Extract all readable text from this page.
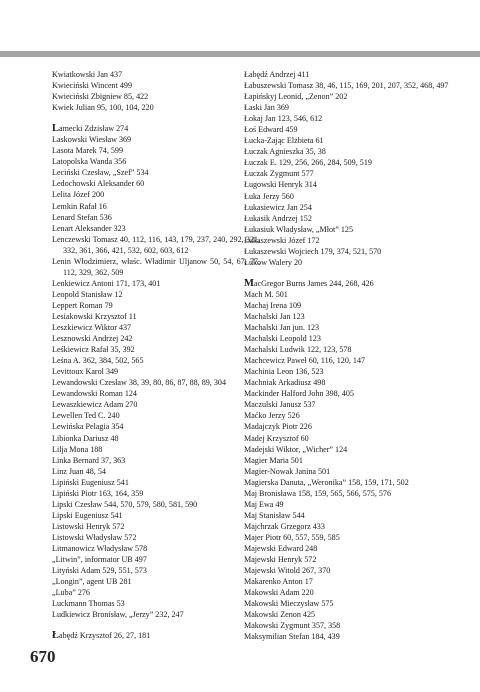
Kwiatkowski Jan 437
Kwieciński Wincent 499
Kwieciński Zbigniew 85, 422
Kwiek Julian 95, 100, 104, 220
Lamecki Zdzisław 274
Laskowski Wiesław 369
Lasota Marek 74, 599
Latopolska Wanda 356
Leciński Czesław, „Szef” 534
Ledochowski Aleksander 60
Lelita Józef 200
Lemkin Rafał 16
Lenard Stefan 536
Lenart Aleksander 323
Lenczewski Tomasz 40, 112, 116, 143, 179, 237, 240, 292, 321, 332, 361, 366, 421, 532, 602, 603, 612
Lenin Włodzimierz, właśc. Władimir Uljanow 50, 54, 67, 77, 112, 329, 362, 509
Lenkiewicz Antoni 171, 173, 401
Leopold Stanisław 12
Leppert Roman 79
Lesiakowski Krzysztof 11
Leszkiewicz Wiktor 437
Lesznowski Andrzej 242
Leśkiewicz Rafał 35, 392
Leśna A. 362, 384, 502, 565
Levittoux Karol 349
Lewandowski Czesław 38, 39, 80, 86, 87, 88, 89, 304
Lewandowski Roman 124
Lewaszkiewicz Adam 270
Lewellen Ted C. 240
Lewińska Pelagia 354
Libionka Dariusz 48
Lilja Mona 188
Linka Bernard 37, 363
Linz Juan 48, 54
Lipiński Eugeniusz 541
Lipiński Piotr 163, 164, 359
Lipski Czesław 544, 570, 579, 580, 581, 590
Lipski Eugeniusz 541
Listowski Henryk 572
Listowski Władysław 572
Litmanowicz Władysław 578
„Litwin”, informator UB 497
Lityński Adam 529, 551, 573
„Longin”, agent UB 281
„Luba” 276
Luckmann Thomas 53
Ludkiewicz Bronisław, „Jerzy” 232, 247
Łabędź Krzysztof 26, 27, 181
Łabędź Andrzej 411
Łabuszewski Tomasz 38, 46, 115, 169, 201, 207, 352, 468, 497
Łapińskyj Leonid, „Zenon” 202
Łaski Jan 369
Łokaj Jan 123, 546, 612
Łoś Edward 459
Łucka-Zając Elżbieta 61
Łuczak Agnieszka 35, 38
Łuczak E. 129, 256, 266, 284, 509, 519
Łuczak Zygmunt 577
Ługowski Henryk 314
Łuka Jerzy 560
Łukasiewicz Jan 254
Łukasik Andrzej 152
Łukasiuk Władysław, „Młot” 125
Łukaszewski Józef 172
Łukaszewski Wojciech 179, 374, 521, 570
Łukow Walery 20
MacGregor Burns James 244, 268, 426
Mach M. 501
Machaj Irena 109
Machalski Jan 123
Machalski Jan jun. 123
Machalski Leopold 123
Machalski Ludwik 122, 123, 578
Machcewicz Paweł 60, 116, 120, 147
Machinia Leon 136, 523
Machniak Arkadiusz 498
Mackinder Halford John 398, 405
Maczulski Janusz 537
Maćko Jerzy 526
Madajczyk Piotr 226
Madej Krzysztof 60
Madejski Wiktor, „Wicher” 124
Magier Maria 501
Magier-Nowak Janina 501
Magierska Danuta, „Weronika” 158, 159, 171, 502
Maj Bronisława 158, 159, 565, 566, 575, 576
Maj Ewa 49
Maj Stanisław 544
Majchrzak Grzegorz 433
Majer Piotr 60, 557, 559, 585
Majewski Edward 248
Majewski Henryk 572
Majewski Witold 267, 370
Makarenko Anton 17
Makowski Adam 220
Makowski Mieczysław 575
Makowski Zenon 425
Makowski Zygmunt 357, 358
Maksymilian Stefan 184, 439
670
